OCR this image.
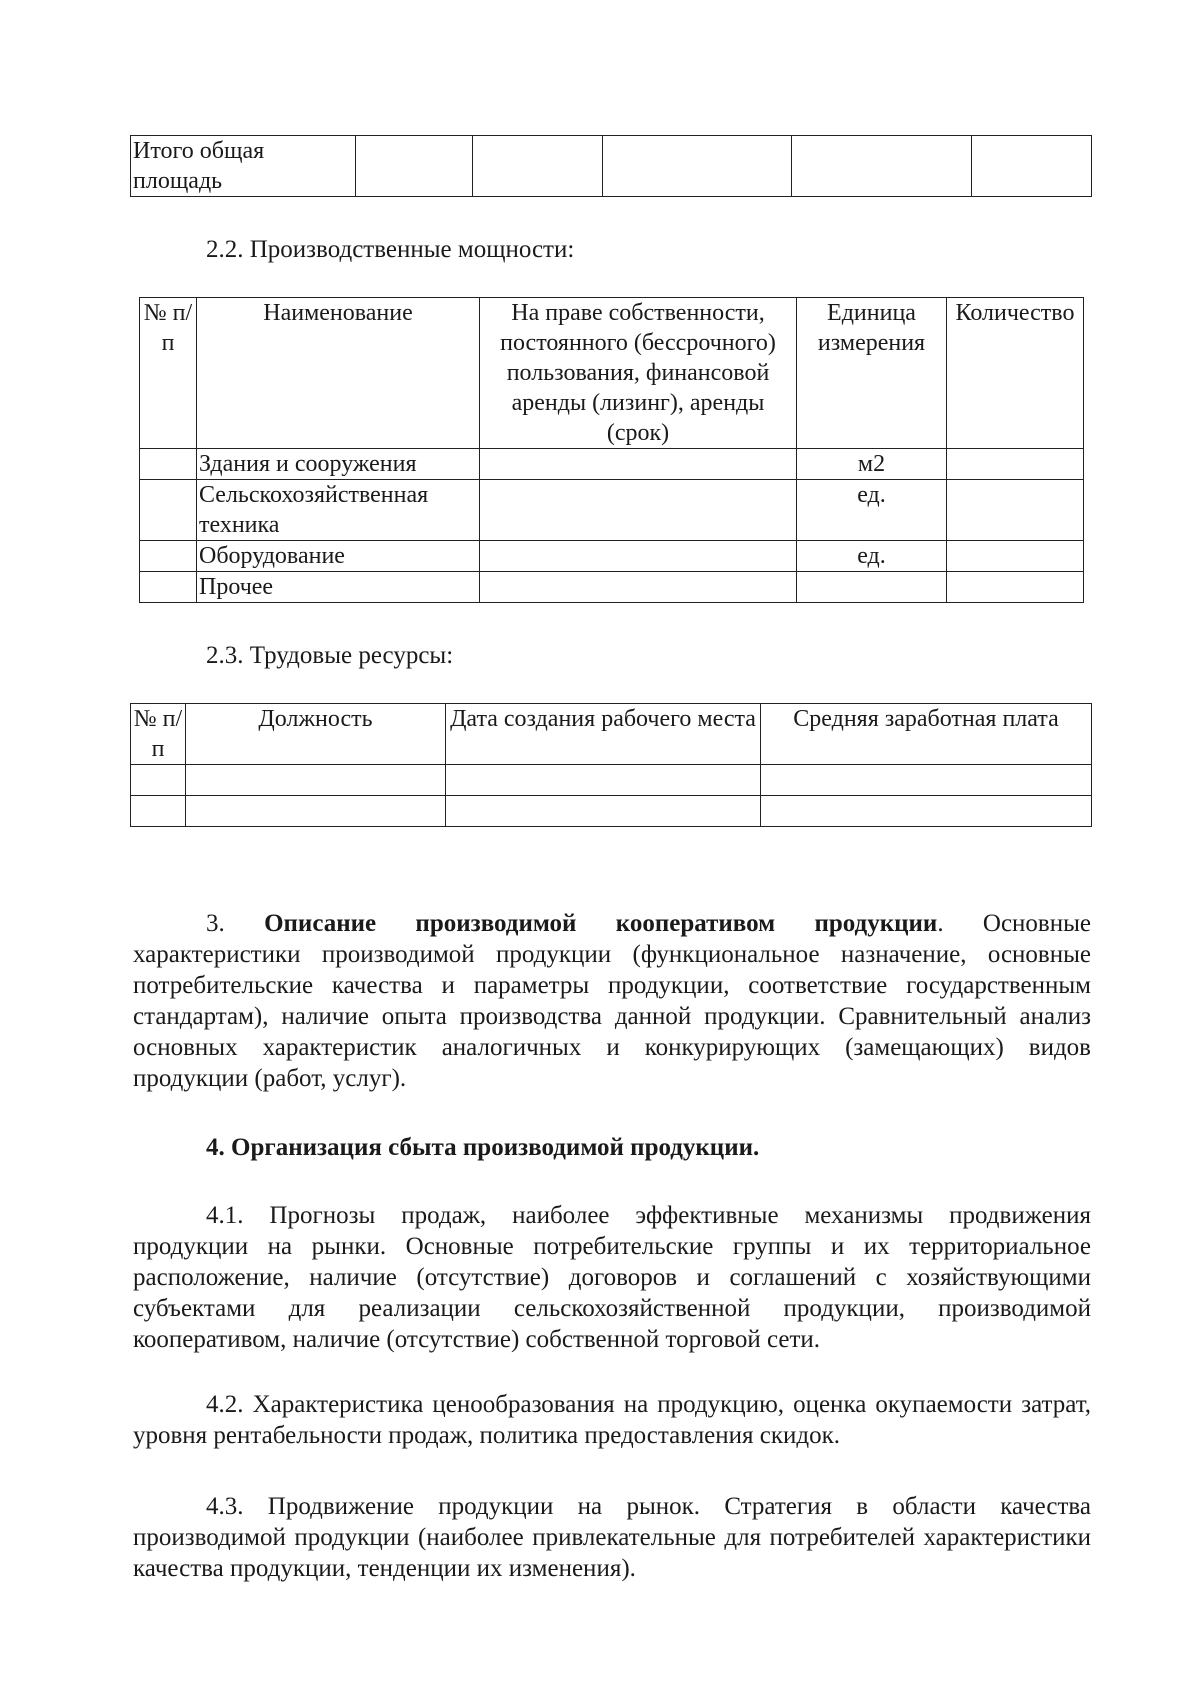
Итого общая площадь					
2.2. Производственные мощности:
№ п/п	Наименование	На праве собственности, постоянного (бессрочного) пользования, финансовой аренды (лизинг), аренды (срок)	Единица измерения	Количество
	Здания и сооружения		м2	
	Сельскохозяйственная техника		ед.	
	Оборудование		ед.	
	Прочее			
2.3. Трудовые ресурсы:
№ п/п	Должность	Дата создания рабочего места	Средняя заработная плата

3. Описание производимой кооперативом продукции. Основные характеристики производимой продукции (функциональное назначение, основные потребительские качества и параметры продукции, соответствие государственным стандартам), наличие опыта производства данной продукции. Сравнительный анализ основных характеристик аналогичных и конкурирующих (замещающих) видов продукции (работ, услуг).

4. Организация сбыта производимой продукции.

4.1. Прогнозы продаж, наиболее эффективные механизмы продвижения продукции на рынки. Основные потребительские группы и их территориальное расположение, наличие (отсутствие) договоров и соглашений с хозяйствующими субъектами для реализации сельскохозяйственной продукции, производимой кооперативом, наличие (отсутствие) собственной торговой сети.

4.2. Характеристика ценообразования на продукцию, оценка окупаемости затрат, уровня рентабельности продаж, политика предоставления скидок.

4.3. Продвижение продукции на рынок. Стратегия в области качества производимой продукции (наиболее привлекательные для потребителей характеристики качества продукции, тенденции их изменения).
